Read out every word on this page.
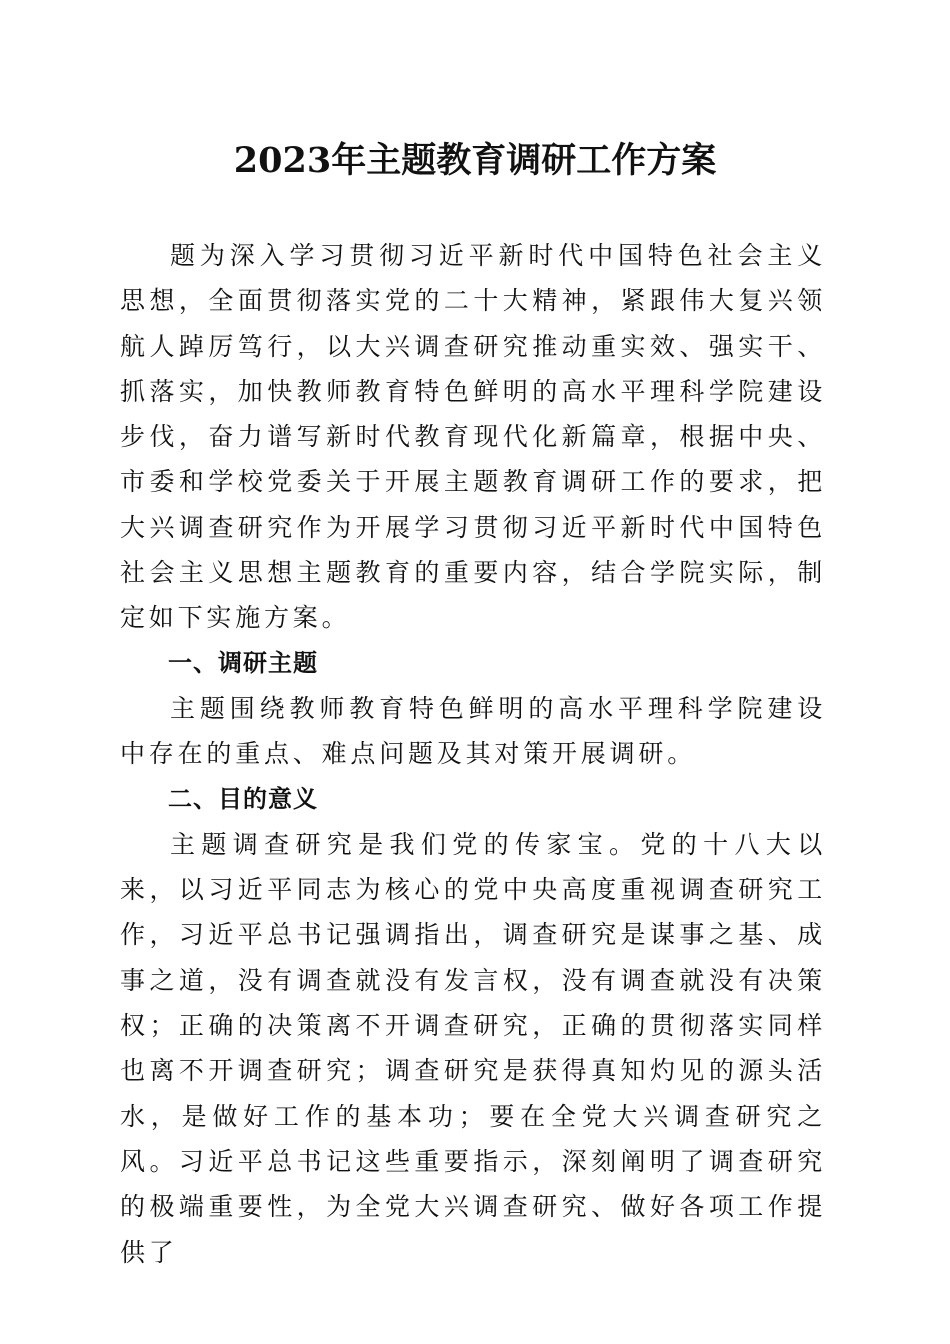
2023年主题教育调研工作方案

题为深入学习贯彻习近平新时代中国特色社会主义思想，全面贯彻落实党的二十大精神，紧跟伟大复兴领航人踔厉笃行，以大兴调查研究推动重实效、强实干、抓落实，加快教师教育特色鲜明的高水平理科学院建设步伐，奋力谱写新时代教育现代化新篇章，根据中央、市委和学校党委关于开展主题教育调研工作的要求，把大兴调查研究作为开展学习贯彻习近平新时代中国特色社会主义思想主题教育的重要内容，结合学院实际，制定如下实施方案。

一、调研主题

主题围绕教师教育特色鲜明的高水平理科学院建设中存在的重点、难点问题及其对策开展调研。

二、目的意义

主题调查研究是我们党的传家宝。党的十八大以来，以习近平同志为核心的党中央高度重视调查研究工作，习近平总书记强调指出，调查研究是谋事之基、成事之道，没有调查就没有发言权，没有调查就没有决策权；正确的决策离不开调查研究，正确的贯彻落实同样也离不开调查研究；调查研究是获得真知灼见的源头活水，是做好工作的基本功；要在全党大兴调查研究之风。习近平总书记这些重要指示，深刻阐明了调查研究的极端重要性，为全党大兴调查研究、做好各项工作提供了
